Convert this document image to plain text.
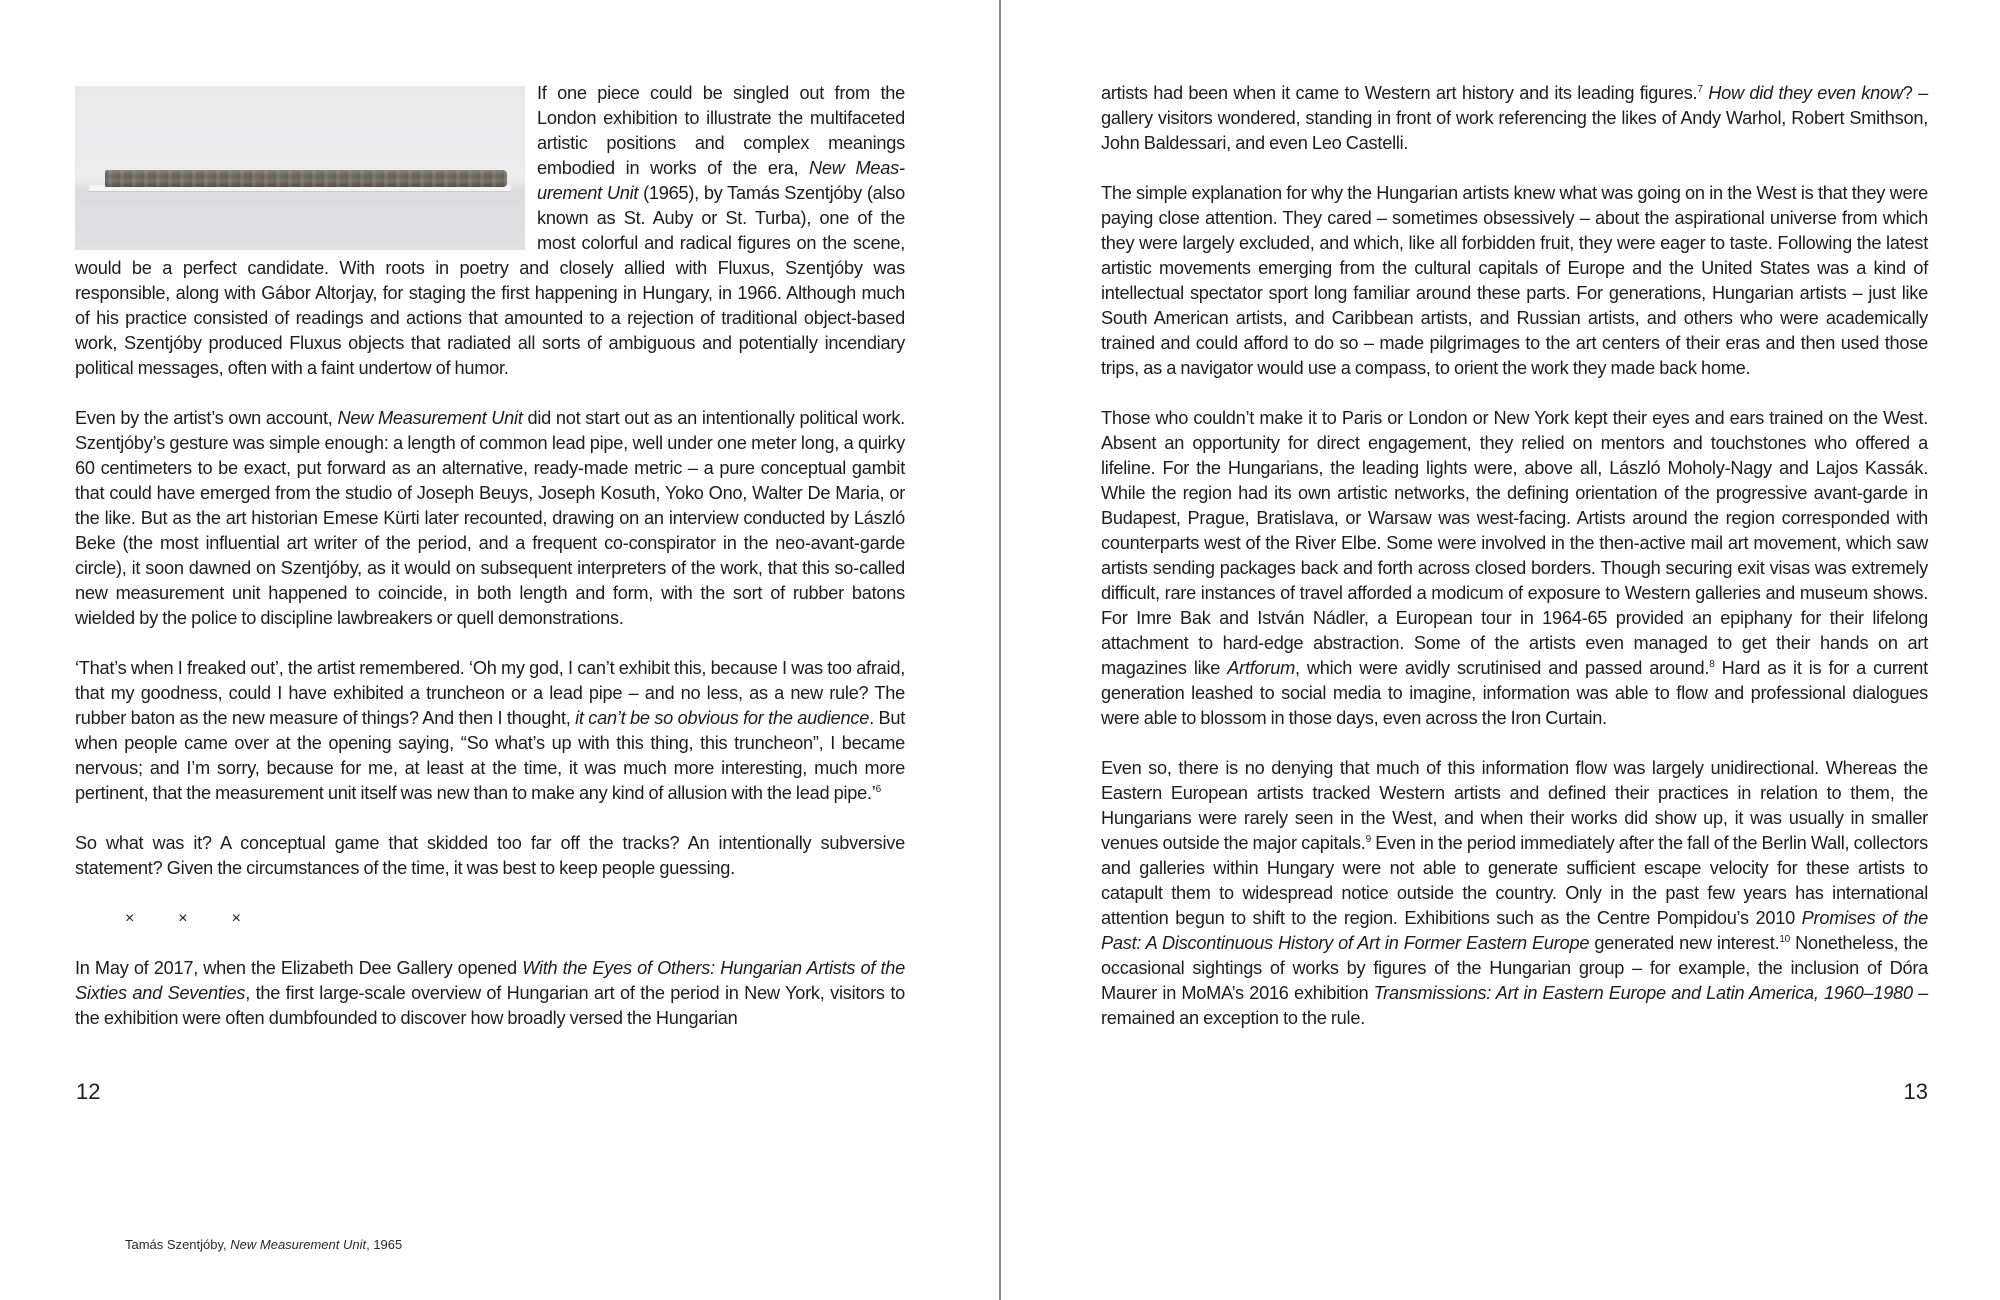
If one piece could be singled out from the London exhibition to illustrate the multifaceted artistic positions and complex meanings embodied in works of the era, New Measurement Unit (1965), by Tamás Szentjóby (also known as St. Auby or St. Turba), one of the most colorful and radical figures on the scene, would be a perfect candidate. With roots in poetry and closely allied with Fluxus, Szentjóby was responsible, along with Gábor Altorjay, for staging the first happening in Hungary, in 1966. Although much of his practice consisted of readings and actions that amounted to a rejection of traditional object-based work, Szentjóby produced Fluxus objects that radiated all sorts of ambiguous and potentially incendiary political messages, often with a faint undertow of humor.

Even by the artist’s own account, New Measurement Unit did not start out as an intentionally political work. Szentjóby’s gesture was simple enough: a length of common lead pipe, well under one meter long, a quirky 60 centimeters to be exact, put forward as an alternative, ready-made metric – a pure conceptual gambit that could have emerged from the studio of Joseph Beuys, Joseph Kosuth, Yoko Ono, Walter De Maria, or the like. But as the art historian Emese Kürti later recounted, drawing on an interview conducted by László Beke (the most influential art writer of the period, and a frequent co-conspirator in the neo-avant-garde circle), it soon dawned on Szentjóby, as it would on subsequent interpreters of the work, that this so-called new measurement unit happened to coincide, in both length and form, with the sort of rubber batons wielded by the police to discipline lawbreakers or quell demonstrations.

‘That’s when I freaked out’, the artist remembered. ‘Oh my god, I can’t exhibit this, because I was too afraid, that my goodness, could I have exhibited a truncheon or a lead pipe – and no less, as a new rule? The rubber baton as the new measure of things? And then I thought, it can’t be so obvious for the audience. But when people came over at the opening saying, “So what’s up with this thing, this truncheon”, I became nervous; and I’m sorry, because for me, at least at the time, it was much more interesting, much more pertinent, that the measurement unit itself was new than to make any kind of allusion with the lead pipe.’$^6$

So what was it? A conceptual game that skidded too far off the tracks? An intentionally subversive statement? Given the circumstances of the time, it was best to keep people guessing.

× × ×

In May of 2017, when the Elizabeth Dee Gallery opened With the Eyes of Others: Hungarian Artists of the Sixties and Seventies, the first large-scale overview of Hungarian art of the period in New York, visitors to the exhibition were often dumbfounded to discover how broadly versed the Hungarian

12
Tamás Szentjóby, New Measurement Unit, 1965

artists had been when it came to Western art history and its leading figures.$^7$ How did they even know? – gallery visitors wondered, standing in front of work referencing the likes of Andy Warhol, Robert Smithson, John Baldessari, and even Leo Castelli.

The simple explanation for why the Hungarian artists knew what was going on in the West is that they were paying close attention. They cared – sometimes obsessively – about the aspirational universe from which they were largely excluded, and which, like all forbidden fruit, they were eager to taste. Following the latest artistic movements emerging from the cultural capitals of Europe and the United States was a kind of intellectual spectator sport long familiar around these parts. For generations, Hungarian artists – just like South American artists, and Caribbean artists, and Russian artists, and others who were academically trained and could afford to do so – made pilgrimages to the art centers of their eras and then used those trips, as a navigator would use a compass, to orient the work they made back home.

Those who couldn’t make it to Paris or London or New York kept their eyes and ears trained on the West. Absent an opportunity for direct engagement, they relied on mentors and touchstones who offered a lifeline. For the Hungarians, the leading lights were, above all, László Moholy-Nagy and Lajos Kassák. While the region had its own artistic networks, the defining orientation of the progressive avant-garde in Budapest, Prague, Bratislava, or Warsaw was west-facing. Artists around the region corresponded with counterparts west of the River Elbe. Some were involved in the then-active mail art movement, which saw artists sending packages back and forth across closed borders. Though securing exit visas was extremely difficult, rare instances of travel afforded a modicum of exposure to Western galleries and museum shows. For Imre Bak and István Nádler, a European tour in 1964-65 provided an epiphany for their lifelong attachment to hard-edge abstraction. Some of the artists even managed to get their hands on art magazines like Artforum, which were avidly scrutinised and passed around.$^8$ Hard as it is for a current generation leashed to social media to imagine, information was able to flow and professional dialogues were able to blossom in those days, even across the Iron Curtain.

Even so, there is no denying that much of this information flow was largely unidirectional. Whereas the Eastern European artists tracked Western artists and defined their practices in relation to them, the Hungarians were rarely seen in the West, and when their works did show up, it was usually in smaller venues outside the major capitals.$^9$ Even in the period immediately after the fall of the Berlin Wall, collectors and galleries within Hungary were not able to generate sufficient escape velocity for these artists to catapult them to widespread notice outside the country. Only in the past few years has international attention begun to shift to the region. Exhibitions such as the Centre Pompidou’s 2010 Promises of the Past: A Discontinuous History of Art in Former Eastern Europe generated new interest.$^{10}$ Nonetheless, the occasional sightings of works by figures of the Hungarian group – for example, the inclusion of Dóra Maurer in MoMA’s 2016 exhibition Transmissions: Art in Eastern Europe and Latin America, 1960–1980 – remained an exception to the rule.

13
